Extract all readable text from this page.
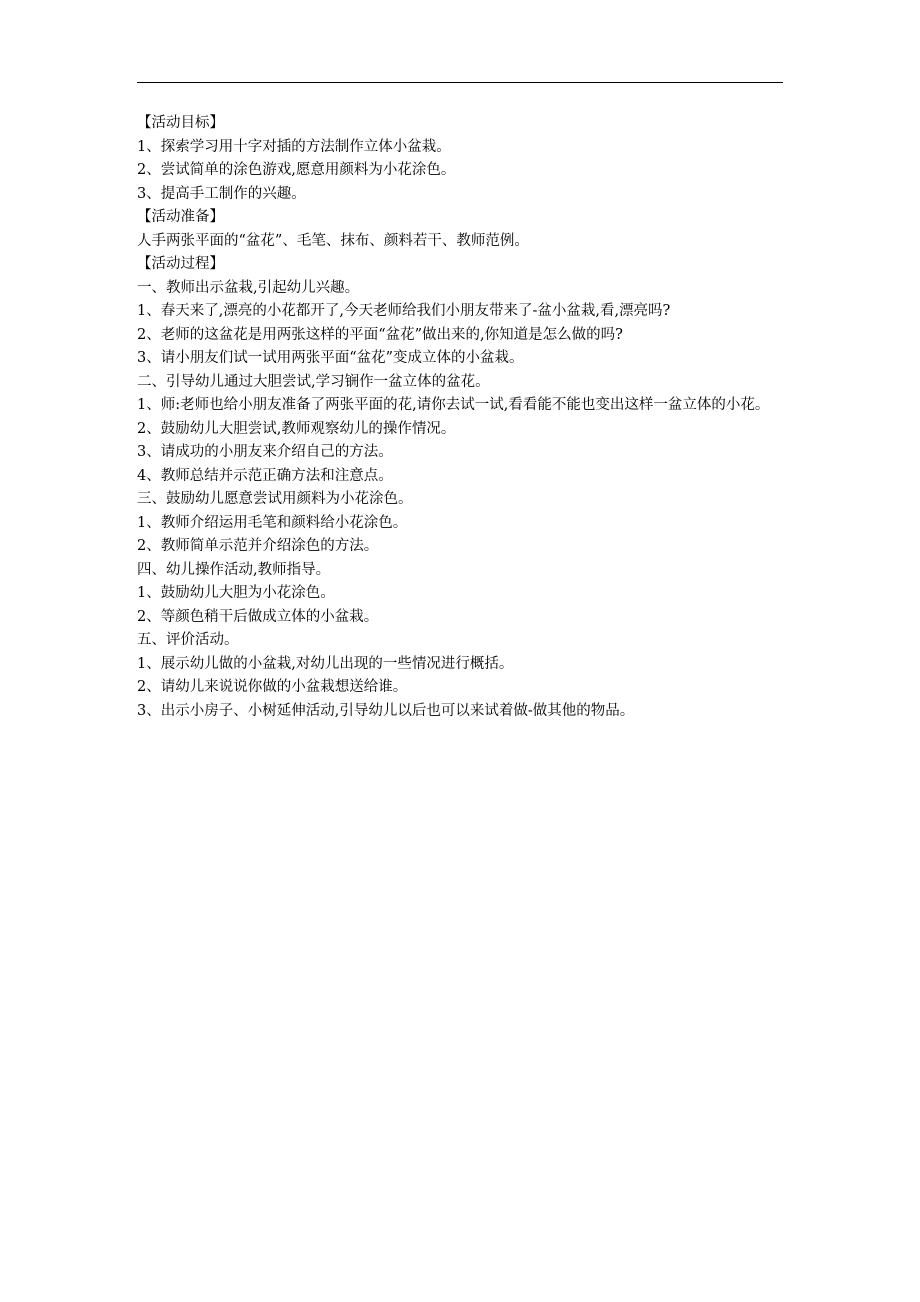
【活动目标】

1、探索学习用十字对插的方法制作立体小盆栽。

2、尝试简单的涂色游戏,愿意用颜料为小花涂色。

3、提高手工制作的兴趣。

【活动准备】

人手两张平面的“盆花”、毛笔、抹布、颜料若干、教师范例。

【活动过程】

一、教师出示盆栽,引起幼儿兴趣。

1、春天来了,漂亮的小花都开了,今天老师给我们小朋友带来了-盆小盆栽,看,漂亮吗?

2、老师的这盆花是用两张这样的平面“盆花”做出来的,你知道是怎么做的吗?

3、请小朋友们试一试用两张平面“盆花”变成立体的小盆栽。

二、引导幼儿通过大胆尝试,学习锎作一盆立体的盆花。

1、师:老师也给小朋友准备了两张平面的花,请你去试一试,看看能不能也变出这样一盆立体的小花。

2、鼓励幼儿大胆尝试,教师观察幼儿的操作情况。

3、请成功的小朋友来介绍自己的方法。

4、教师总结并示范正确方法和注意点。

三、鼓励幼儿愿意尝试用颜料为小花涂色。

1、教师介绍运用毛笔和颜料给小花涂色。

2、教师简单示范并介绍涂色的方法。

四、幼儿操作活动,教师指导。

1、鼓励幼儿大胆为小花涂色。

2、等颜色稍干后做成立体的小盆栽。

五、评价活动。

1、展示幼儿做的小盆栽,对幼儿出现的一些情况进行概括。

2、请幼儿来说说你做的小盆栽想送给谁。

3、出示小房子、小树延伸活动,引导幼儿以后也可以来试着做-做其他的物品。
